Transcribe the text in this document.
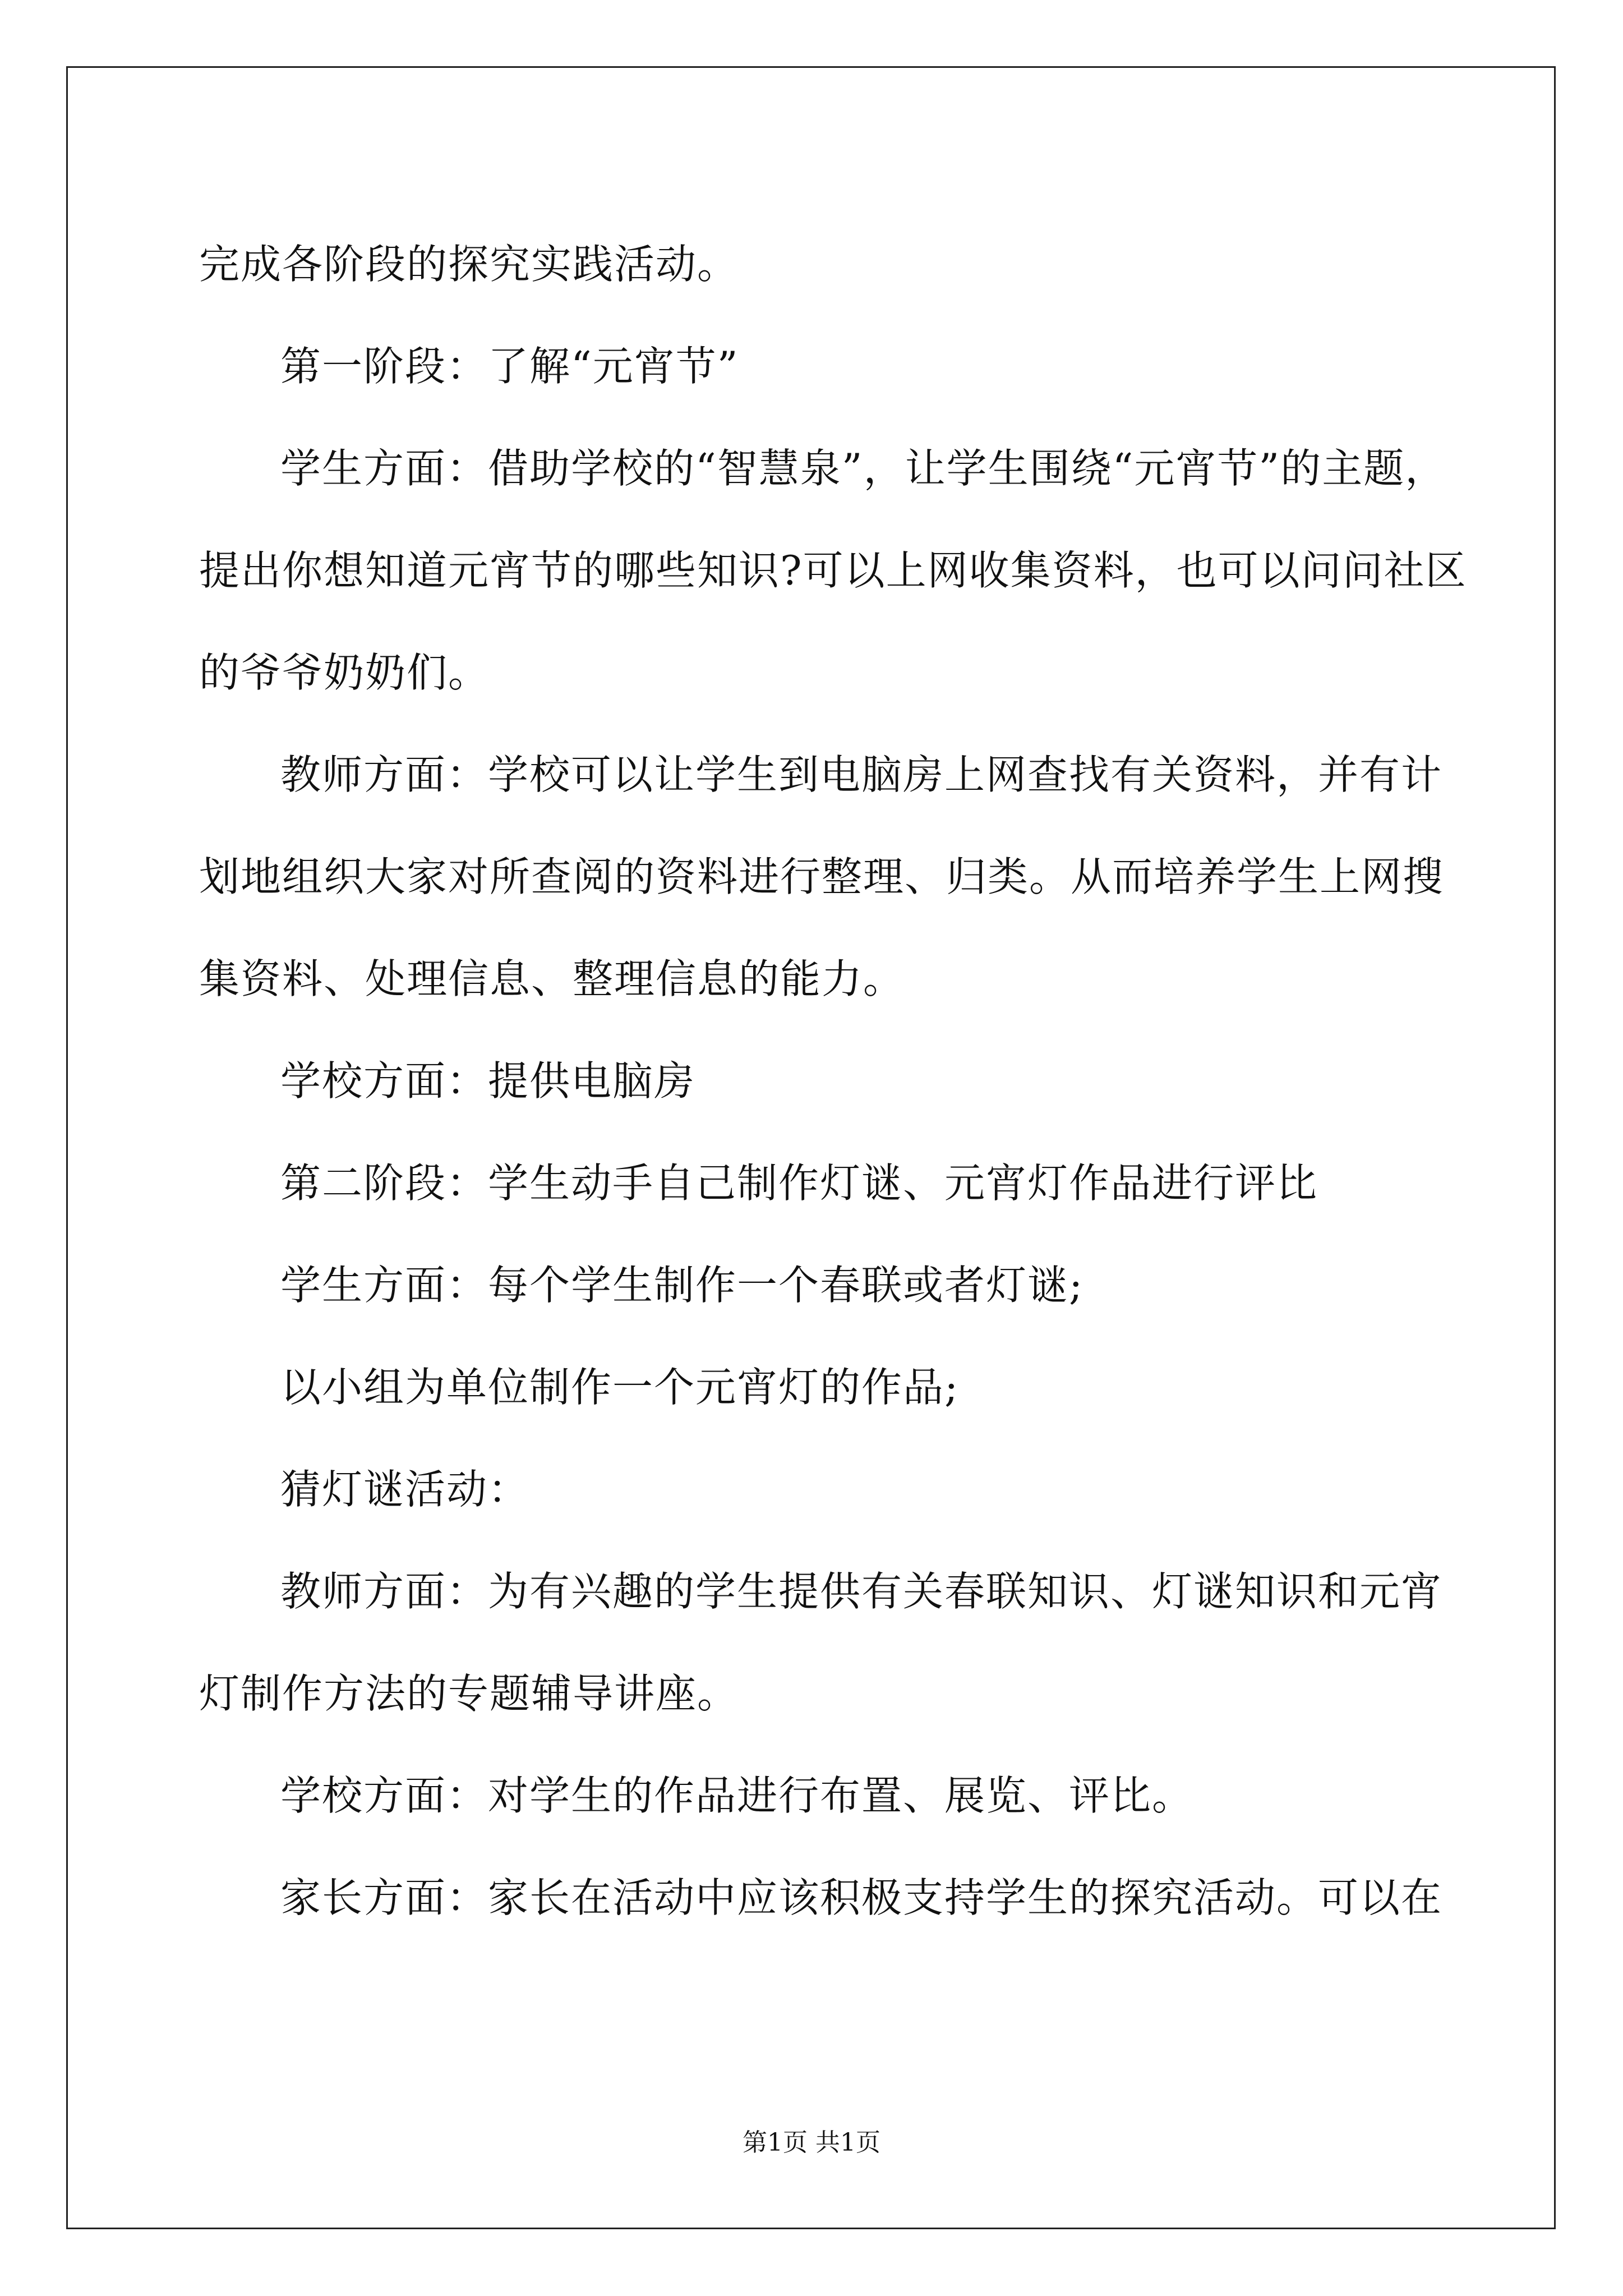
完成各阶段的探究实践活动。

第一阶段：了解“元宵节”

学生方面：借助学校的“智慧泉”，让学生围绕“元宵节”的主题，

提出你想知道元宵节的哪些知识?可以上网收集资料，也可以问问社区

的爷爷奶奶们。

教师方面：学校可以让学生到电脑房上网查找有关资料，并有计

划地组织大家对所查阅的资料进行整理、归类。从而培养学生上网搜

集资料、处理信息、整理信息的能力。

学校方面：提供电脑房

第二阶段：学生动手自己制作灯谜、元宵灯作品进行评比

学生方面：每个学生制作一个春联或者灯谜;

以小组为单位制作一个元宵灯的作品;

猜灯谜活动：

教师方面：为有兴趣的学生提供有关春联知识、灯谜知识和元宵

灯制作方法的专题辅导讲座。

学校方面：对学生的作品进行布置、展览、评比。

家长方面：家长在活动中应该积极支持学生的探究活动。可以在

第1页 共1页
